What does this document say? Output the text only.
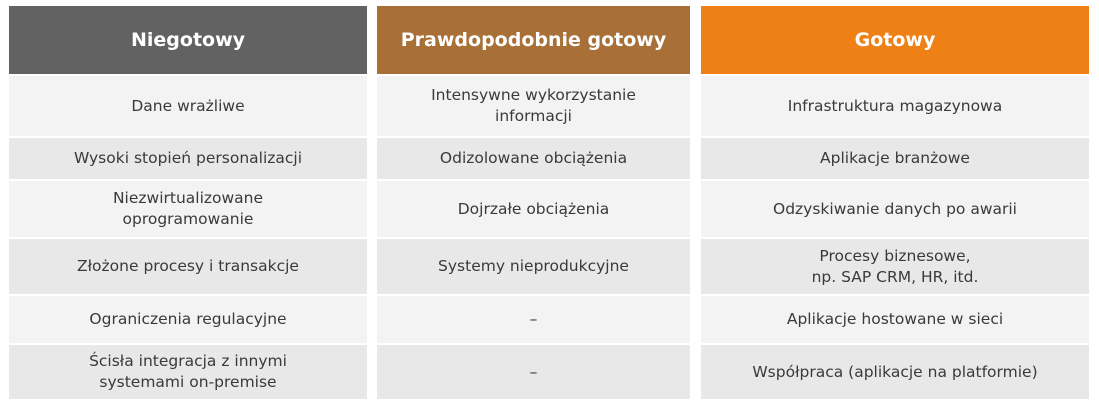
Niegotowy
Dane wrażliwe
Wysoki stopień personalizacji
Niezwirtualizowane
oprogramowanie
Złożone procesy i transakcje
Ograniczenia regulacyjne
Ścisła integracja z innymi
systemami on-premise
Prawdopodobnie gotowy
Intensywne wykorzystanie
informacji
Odizolowane obciążenia
Dojrzałe obciążenia
Systemy nieprodukcyjne
–
–
Gotowy
Infrastruktura magazynowa
Aplikacje branżowe
Odzyskiwanie danych po awarii
Procesy biznesowe,
np. SAP CRM, HR, itd.
Aplikacje hostowane w sieci
Współpraca (aplikacje na platformie)
